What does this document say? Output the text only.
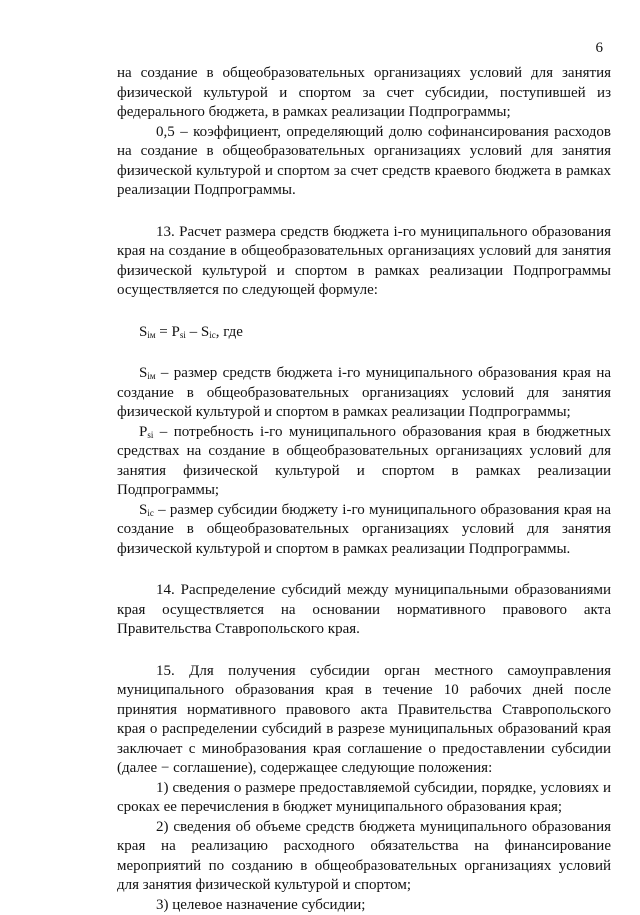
6

на создание в общеобразовательных организациях условий для занятия физической культурой и спортом за счет субсидии, поступившей из федерального бюджета, в рамках реализации Подпрограммы;

0,5 – коэффициент, определяющий долю софинансирования расходов на создание в общеобразовательных организациях условий для занятия физической культурой и спортом за счет средств краевого бюджета в рамках реализации Подпрограммы.

13. Расчет размера средств бюджета i-го муниципального образования края на создание в общеобразовательных организациях условий для занятия физической культурой и спортом в рамках реализации Подпрограммы осуществляется по следующей формуле:

$S_{iм} = P_{si} - S_{ic}$, где

$S_{iм}$ – размер средств бюджета i-го муниципального образования края на создание в общеобразовательных организациях условий для занятия физической культурой и спортом в рамках реализации Подпрограммы;

$P_{si}$ – потребность i-го муниципального образования края в бюджетных средствах на создание в общеобразовательных организациях условий для занятия физической культурой и спортом в рамках реализации Подпрограммы;

$S_{ic}$ – размер субсидии бюджету i-го муниципального образования края на создание в общеобразовательных организациях условий для занятия физической культурой и спортом в рамках реализации Подпрограммы.

14. Распределение субсидий между муниципальными образованиями края осуществляется на основании нормативного правового акта Правительства Ставропольского края.

15. Для получения субсидии орган местного самоуправления муниципального образования края в течение 10 рабочих дней после принятия нормативного правового акта Правительства Ставропольского края о распределении субсидий в разрезе муниципальных образований края заключает с минобразования края соглашение о предоставлении субсидии (далее − соглашение), содержащее следующие положения:

1) сведения о размере предоставляемой субсидии, порядке, условиях и сроках ее перечисления в бюджет муниципального образования края;

2) сведения об объеме средств бюджета муниципального образования края на реализацию расходного обязательства на финансирование мероприятий по созданию в общеобразовательных организациях условий для занятия физической культурой и спортом;

3) целевое назначение субсидии;
